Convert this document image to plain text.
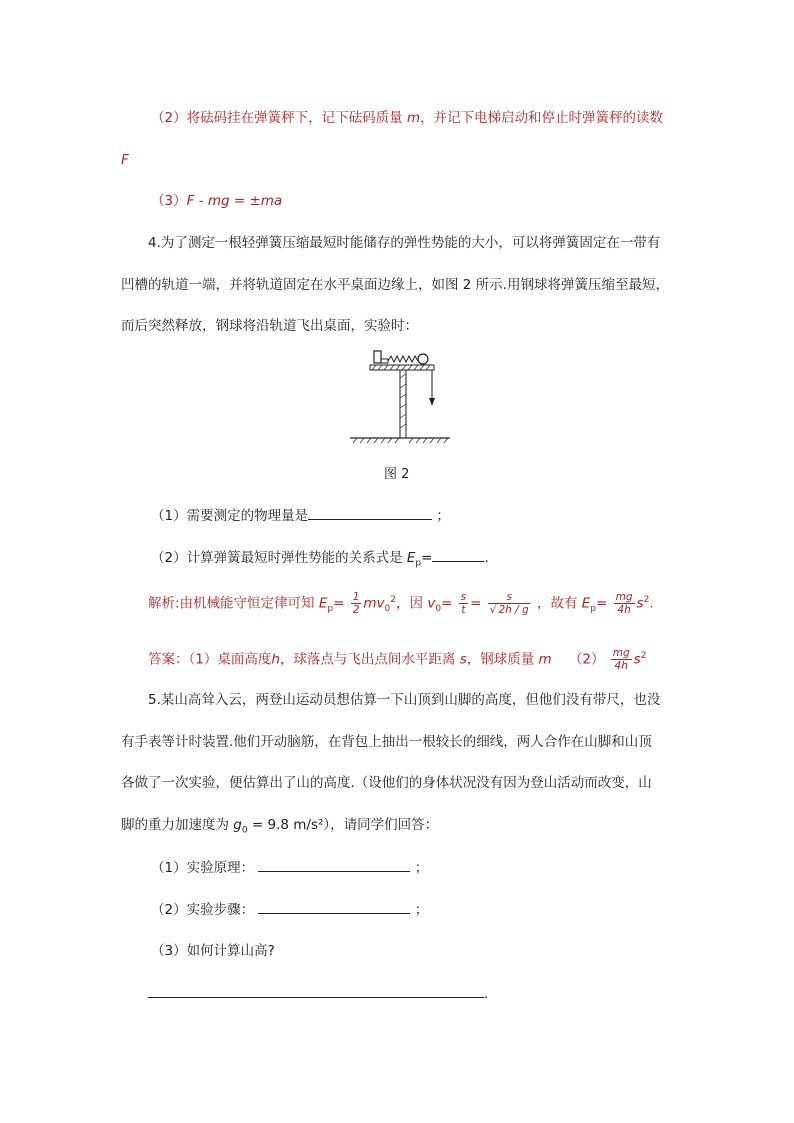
（2）将砝码挂在弹簧秤下，记下砝码质量 m，并记下电梯启动和停止时弹簧秤的读数
F
（3）F - mg = ±ma
4.为了测定一根轻弹簧压缩最短时能储存的弹性势能的大小，可以将弹簧固定在一带有
凹槽的轨道一端，并将轨道固定在水平桌面边缘上，如图 2 所示.用钢球将弹簧压缩至最短，
而后突然释放，钢球将沿轨道飞出桌面，实验时：
图 2
（1）需要测定的物理量是	；
（2）计算弹簧最短时弹性势能的关系式是 $E_p=$	.
解析:由机械能守恒定律可知 $E_p= \frac{1}{2} mv_0^2$，因 $v_0= \frac{s}{t} = \frac{s}{√ 2h / g}$ ，故有 $E_p= \frac{mg}{4h} s^2$.
答案：（1）桌面高度h，球落点与飞出点间水平距离 s，钢球质量 m $(2) \frac{mg}{4h} s^2$
5.某山高耸入云，两登山运动员想估算一下山顶到山脚的高度，但他们没有带尺，也没
有手表等计时装置.他们开动脑筋，在背包上抽出一根较长的细线，两人合作在山脚和山顶
各做了一次实验，便估算出了山的高度.（设他们的身体状况没有因为登山活动而改变，山
脚的重力加速度为 $g_0 = 9.8$ m/s²），请同学们回答：
（1）实验原理：	；
（2）实验步骤：	；
（3）如何计算山高?
.
